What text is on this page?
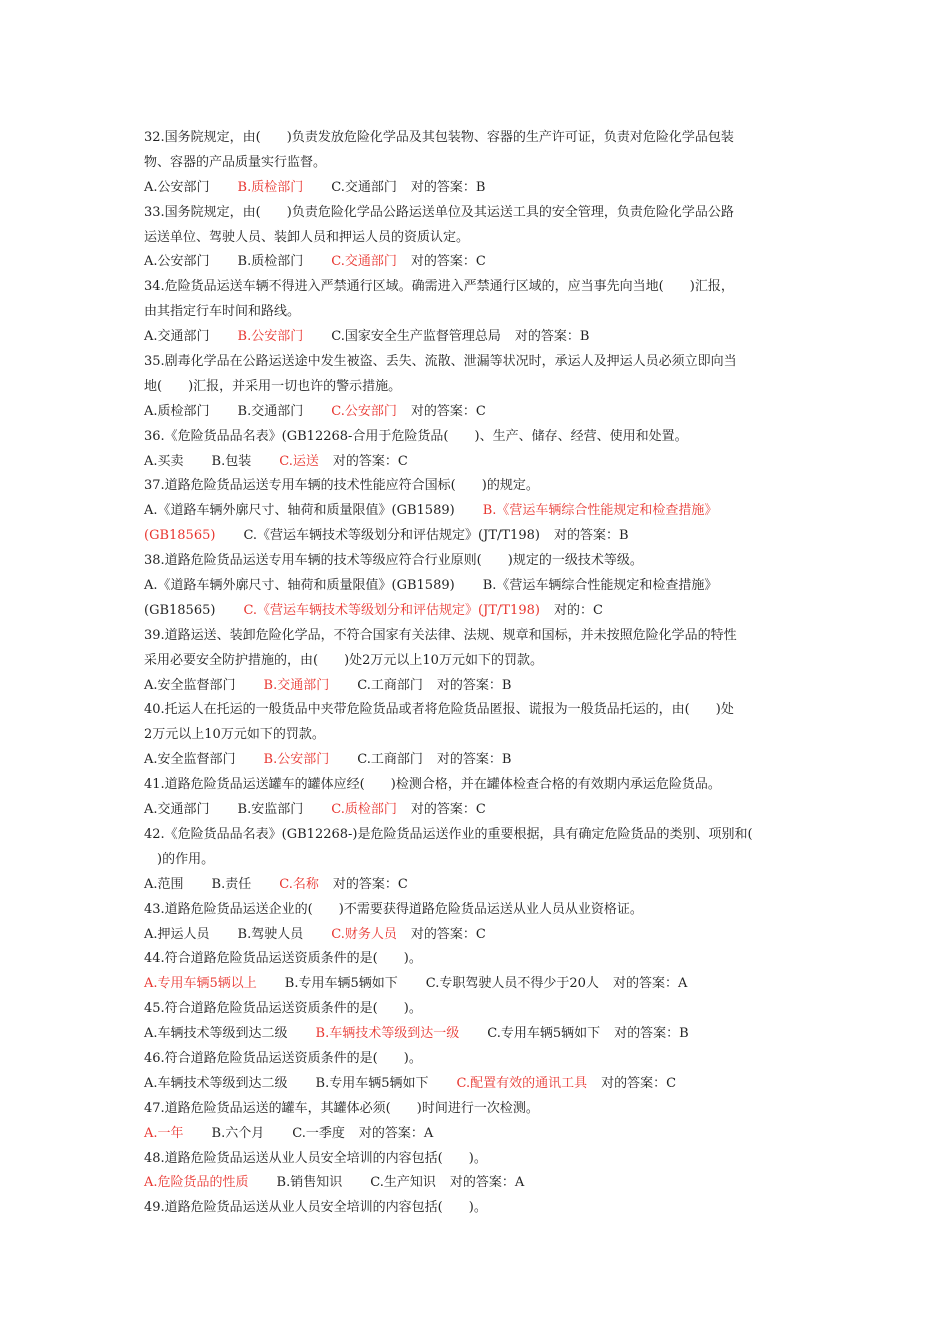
32.国务院规定，由(　　)负责发放危险化学品及其包装物、容器的生产许可证，负责对危险化学品包装
物、容器的产品质量实行监督。
A.公安部门 B.质检部门 C.交通部门 对的答案：B
33.国务院规定，由(　　)负责危险化学品公路运送单位及其运送工具的安全管理，负责危险化学品公路
运送单位、驾驶人员、装卸人员和押运人员的资质认定。
A.公安部门 B.质检部门 C.交通部门 对的答案：C
34.危险货品运送车辆不得进入严禁通行区域。确需进入严禁通行区域的，应当事先向当地(　　)汇报，
由其指定行车时间和路线。
A.交通部门 B.公安部门 C.国家安全生产监督管理总局 对的答案：B
35.剧毒化学品在公路运送途中发生被盗、丢失、流散、泄漏等状况时，承运人及押运人员必须立即向当
地(　　)汇报，并采用一切也许的警示措施。
A.质检部门 B.交通部门 C.公安部门 对的答案：C
36.《危险货品品名表》(GB12268-合用于危险货品(　　)、生产、储存、经营、使用和处置。
A.买卖 B.包装 C.运送 对的答案：C
37.道路危险货品运送专用车辆的技术性能应符合国标(　　)的规定。
A.《道路车辆外廓尺寸、轴荷和质量限值》(GB1589) B.《营运车辆综合性能规定和检查措施》
(GB18565) C.《营运车辆技术等级划分和评估规定》(JT/T198) 对的答案：B
38.道路危险货品运送专用车辆的技术等级应符合行业原则(　　)规定的一级技术等级。
A.《道路车辆外廓尺寸、轴荷和质量限值》(GB1589) B.《营运车辆综合性能规定和检查措施》
(GB18565) C.《营运车辆技术等级划分和评估规定》(JT/T198) 对的：C
39.道路运送、装卸危险化学品，不符合国家有关法律、法规、规章和国标，并未按照危险化学品的特性
采用必要安全防护措施的，由(　　)处2万元以上10万元如下的罚款。
A.安全监督部门 B.交通部门 C.工商部门 对的答案：B
40.托运人在托运的一般货品中夹带危险货品或者将危险货品匿报、谎报为一般货品托运的，由(　　)处
2万元以上10万元如下的罚款。
A.安全监督部门 B.公安部门 C.工商部门 对的答案：B
41.道路危险货品运送罐车的罐体应经(　　)检测合格，并在罐体检查合格的有效期内承运危险货品。
A.交通部门 B.安监部门 C.质检部门 对的答案：C
42.《危险货品品名表》(GB12268-)是危险货品运送作业的重要根据，具有确定危险货品的类别、项别和(
　)的作用。
A.范围 B.责任 C.名称 对的答案：C
43.道路危险货品运送企业的(　　)不需要获得道路危险货品运送从业人员从业资格证。
A.押运人员 B.驾驶人员 C.财务人员 对的答案：C
44.符合道路危险货品运送资质条件的是(　　)。
A.专用车辆5辆以上 B.专用车辆5辆如下 C.专职驾驶人员不得少于20人 对的答案：A
45.符合道路危险货品运送资质条件的是(　　)。
A.车辆技术等级到达二级 B.车辆技术等级到达一级 C.专用车辆5辆如下 对的答案：B
46.符合道路危险货品运送资质条件的是(　　)。
A.车辆技术等级到达二级 B.专用车辆5辆如下 C.配置有效的通讯工具 对的答案：C
47.道路危险货品运送的罐车，其罐体必须(　　)时间进行一次检测。
A.一年 B.六个月 C.一季度 对的答案：A
48.道路危险货品运送从业人员安全培训的内容包括(　　)。
A.危险货品的性质 B.销售知识 C.生产知识 对的答案：A
49.道路危险货品运送从业人员安全培训的内容包括(　　)。
